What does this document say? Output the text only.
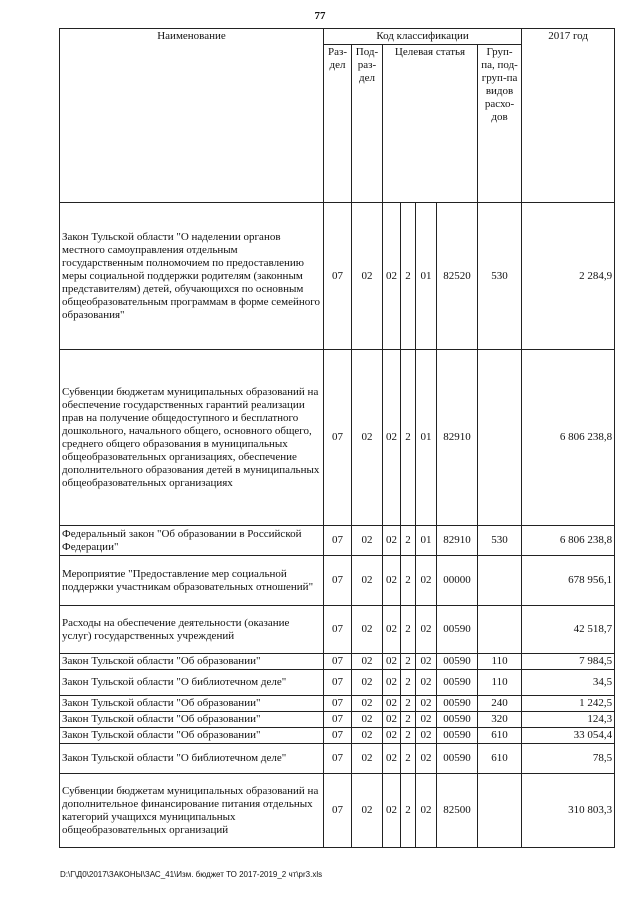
77
Наименование	Код классификации							2017 год
	Раз-дел	Под-раз-дел	Целевая статья				Груп-па, под-груп-па видов расхо-дов	
Закон Тульской области "О наделении органов местного самоуправления отдельным государственным полномочием по предоставлению меры социальной поддержки родителям (законным представителям) детей, обучающихся по основным общеобразовательным программам в форме семейного образования"	07	02	02	2	01	82520	530	2 284,9
Субвенции бюджетам муниципальных образований на обеспечение государственных гарантий реализации прав на получение общедоступного и бесплатного дошкольного, начального общего, основного общего, среднего общего образования в муниципальных общеобразовательных организациях, обеспечение дополнительного образования детей в муниципальных общеобразовательных организациях	07	02	02	2	01	82910		6 806 238,8
Федеральный закон "Об образовании в Российской Федерации"	07	02	02	2	01	82910	530	6 806 238,8
Мероприятие "Предоставление мер социальной поддержки участникам образовательных отношений"	07	02	02	2	02	00000		678 956,1
Расходы на обеспечение деятельности (оказание услуг) государственных учреждений	07	02	02	2	02	00590		42 518,7
Закон Тульской области "Об образовании"	07	02	02	2	02	00590	110	7 984,5
Закон Тульской области "О библиотечном деле"	07	02	02	2	02	00590	110	34,5
Закон Тульской области "Об образовании"	07	02	02	2	02	00590	240	1 242,5
Закон Тульской области "Об образовании"	07	02	02	2	02	00590	320	124,3
Закон Тульской области "Об образовании"	07	02	02	2	02	00590	610	33 054,4
Закон Тульской области "О библиотечном деле"	07	02	02	2	02	00590	610	78,5
Субвенции бюджетам муниципальных образований на дополнительное финансирование питания отдельных категорий учащихся муниципальных общеобразовательных организаций	07	02	02	2	02	82500		310 803,3
D:\Г\Д0\2017\ЗАКОНЫ\ЗАС_41\Изм. бюджет ТО 2017-2019_2 чт\pr3.xls
